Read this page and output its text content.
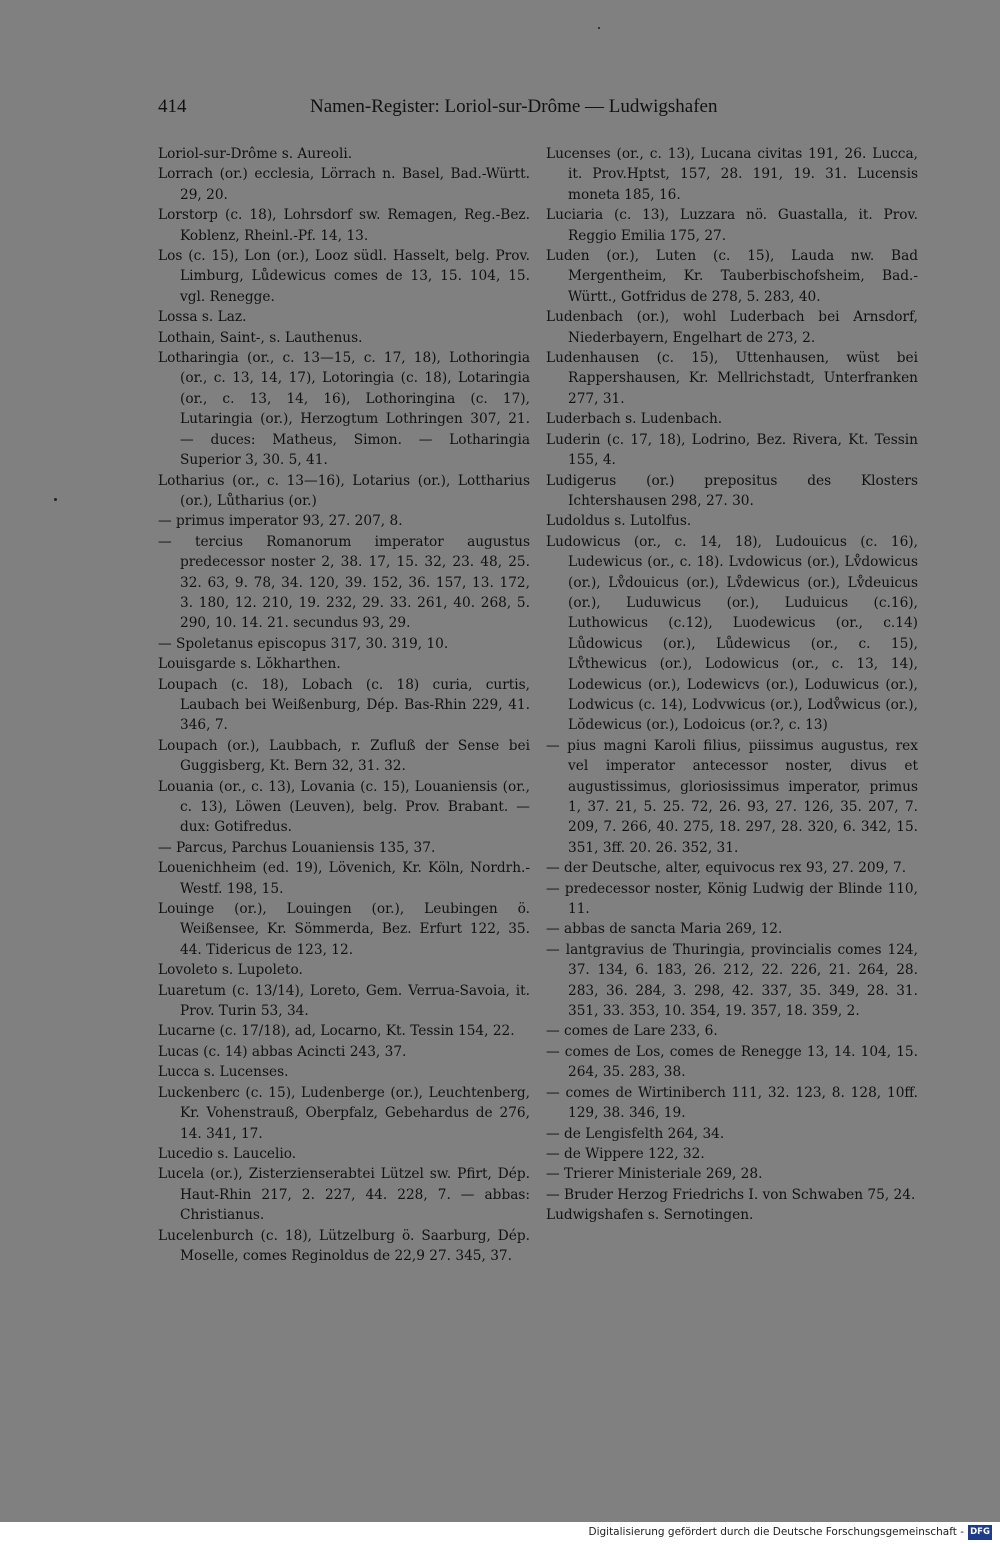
414	Namen-Register: Loriol-sur-Drôme — Ludwigshafen

Loriol-sur-Drôme s. Aureoli.

Lorrach (or.) ecclesia, Lörrach n. Basel, Bad.-Württ. 29, 20.

Lorstorp (c. 18), Lohrsdorf sw. Remagen, Reg.-Bez. Koblenz, Rheinl.-Pf. 14, 13.

Los (c. 15), Lon (or.), Looz südl. Hasselt, belg. Prov. Limburg, Lůdewicus comes de 13, 15. 104, 15. vgl. Renegge.

Lossa s. Laz.

Lothain, Saint-, s. Lauthenus.

Lotharingia (or., c. 13—15, c. 17, 18), Lothoringia (or., c. 13, 14, 17), Lotoringia (c. 18), Lotaringia (or., c. 13, 14, 16), Lothoringina (c. 17), Lutaringia (or.), Herzogtum Lothringen 307, 21. — duces: Matheus, Simon. — Lotharingia Superior 3, 30. 5, 41.

Lotharius (or., c. 13—16), Lotarius (or.), Lottharius (or.), Lůtharius (or.)

— primus imperator 93, 27. 207, 8.

— tercius Romanorum imperator augustus predecessor noster 2, 38. 17, 15. 32, 23. 48, 25. 32. 63, 9. 78, 34. 120, 39. 152, 36. 157, 13. 172, 3. 180, 12. 210, 19. 232, 29. 33. 261, 40. 268, 5. 290, 10. 14. 21. secundus 93, 29.

— Spoletanus episcopus 317, 30. 319, 10.

Louisgarde s. Lŏkharthen.

Loupach (c. 18), Lobach (c. 18) curia, curtis, Laubach bei Weißenburg, Dép. Bas-Rhin 229, 41. 346, 7.

Loupach (or.), Laubbach, r. Zufluß der Sense bei Guggisberg, Kt. Bern 32, 31. 32.

Louania (or., c. 13), Lovania (c. 15), Louaniensis (or., c. 13), Löwen (Leuven), belg. Prov. Brabant. — dux: Gotifredus.

— Parcus, Parchus Louaniensis 135, 37.

Louenichheim (ed. 19), Lövenich, Kr. Köln, Nordrh.-Westf. 198, 15.

Louinge (or.), Louingen (or.), Leubingen ö. Weißensee, Kr. Sömmerda, Bez. Erfurt 122, 35. 44. Tidericus de 123, 12.

Lovoleto s. Lupoleto.

Luaretum (c. 13/14), Loreto, Gem. Verrua-Savoia, it. Prov. Turin 53, 34.

Lucarne (c. 17/18), ad, Locarno, Kt. Tessin 154, 22.

Lucas (c. 14) abbas Acincti 243, 37.

Lucca s. Lucenses.

Luckenberc (c. 15), Ludenberge (or.), Leuchtenberg, Kr. Vohenstrauß, Oberpfalz, Gebehardus de 276, 14. 341, 17.

Lucedio s. Laucelio.

Lucela (or.), Zisterzienserabtei Lützel sw. Pfirt, Dép. Haut-Rhin 217, 2. 227, 44. 228, 7. — abbas: Christianus.

Lucelenburch (c. 18), Lützelburg ö. Saarburg, Dép. Moselle, comes Reginoldus de 22,9 27. 345, 37.

Lucenses (or., c. 13), Lucana civitas 191, 26. Lucca, it. Prov.Hptst, 157, 28. 191, 19. 31. Lucensis moneta 185, 16.

Luciaria (c. 13), Luzzara nö. Guastalla, it. Prov. Reggio Emilia 175, 27.

Luden (or.), Luten (c. 15), Lauda nw. Bad Mergentheim, Kr. Tauberbischofsheim, Bad.-Württ., Gotfridus de 278, 5. 283, 40.

Ludenbach (or.), wohl Luderbach bei Arnsdorf, Niederbayern, Engelhart de 273, 2.

Ludenhausen (c. 15), Uttenhausen, wüst bei Rappershausen, Kr. Mellrichstadt, Unterfranken 277, 31.

Luderbach s. Ludenbach.

Luderin (c. 17, 18), Lodrino, Bez. Rivera, Kt. Tessin 155, 4.

Ludigerus (or.) prepositus des Klosters Ichtershausen 298, 27. 30.

Ludoldus s. Lutolfus.

Ludowicus (or., c. 14, 18), Ludouicus (c. 16), Ludewicus (or., c. 18). Lvdowicus (or.), Lv̊dowicus (or.), Lv̊douicus (or.), Lv̊dewicus (or.), Lv̊deuicus (or.), Luduwicus (or.), Luduicus (c.16), Luthowicus (c.12), Luodewicus (or., c.14) Lůdowicus (or.), Lůdewicus (or., c. 15), Lv̊thewicus (or.), Lodowicus (or., c. 13, 14), Lodewicus (or.), Lodewicvs (or.), Loduwicus (or.), Lodwicus (c. 14), Lodvwicus (or.), Lodv̊wicus (or.), Lŏdewicus (or.), Lodoicus (or.?, c. 13)

— pius magni Karoli filius, piissimus augustus, rex vel imperator antecessor noster, divus et augustissimus, gloriosissimus imperator, primus 1, 37. 21, 5. 25. 72, 26. 93, 27. 126, 35. 207, 7. 209, 7. 266, 40. 275, 18. 297, 28. 320, 6. 342, 15. 351, 3ff. 20. 26. 352, 31.

— der Deutsche, alter, equivocus rex 93, 27. 209, 7.

— predecessor noster, König Ludwig der Blinde 110, 11.

— abbas de sancta Maria 269, 12.

— lantgravius de Thuringia, provincialis comes 124, 37. 134, 6. 183, 26. 212, 22. 226, 21. 264, 28. 283, 36. 284, 3. 298, 42. 337, 35. 349, 28. 31. 351, 33. 353, 10. 354, 19. 357, 18. 359, 2.

— comes de Lare 233, 6.

— comes de Los, comes de Renegge 13, 14. 104, 15. 264, 35. 283, 38.

— comes de Wirtiniberch 111, 32. 123, 8. 128, 10ff. 129, 38. 346, 19.

— de Lengisfelth 264, 34.

— de Wippere 122, 32.

— Trierer Ministeriale 269, 28.

— Bruder Herzog Friedrichs I. von Schwaben 75, 24.

Ludwigshafen s. Sernotingen.

Digitalisierung gefördert durch die Deutsche Forschungsgemeinschaft - DFG
